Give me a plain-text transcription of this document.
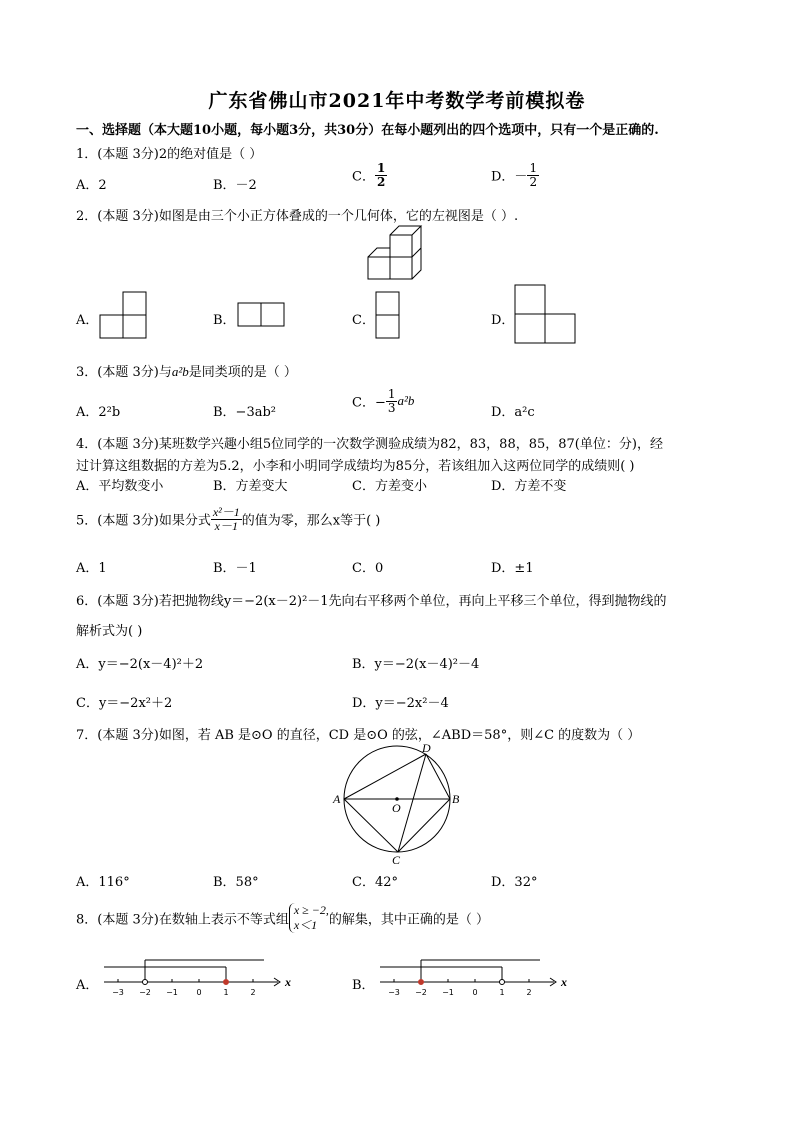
广东省佛山市2021年中考数学考前模拟卷
一、选择题（本大题10小题，每小题3分，共30分）在每小题列出的四个选项中，只有一个是正确的.
1．(本题 3分)2的绝对值是（ ）
A．2	B．－2
C． $\frac{1}{2}$	D．－ $\frac{1}{2}$
2．(本题 3分)如图是由三个小正方体叠成的一个几何体，它的左视图是（ ）.
A．	B．	C．	D．
3．(本题 3分)与a²b是同类项的是（ ）
A．2²b	B．−3ab²
C．− $\frac{1}{3} a^2b$
D．a²c
4．(本题 3分)某班数学兴趣小组5位同学的一次数学测验成绩为82，83，88，85，87(单位：分)，经
过计算这组数据的方差为5.2，小李和小明同学成绩均为85分，若该组加入这两位同学的成绩则( )
A．平均数变小	B．方差变大	C．方差变小	D．方差不变
5．(本题 3分)如果分式 $\frac{\text{x²－1}}{x-1}$ 的值为零，那么x等于( )
A．1	B．－1	C．0	D．±1
6．(本题 3分)若把抛物线y＝−2(x－2)²－1先向右平移两个单位，再向上平移三个单位，得到抛物线的
解析式为( )
A．y＝−2(x－4)²＋2	B．y＝−2(x－4)²－4
C．y＝−2x²＋2	D．y＝−2x²－4
7．(本题 3分)如图，若 AB 是⊙O 的直径，CD 是⊙O 的弦，∠ABD＝58°，则∠C 的度数为（ ）
A	B
C
D
O
A．116°	B．58°	C．42°	D．32°
8．(本题 3分)在数轴上表示不等式组
x ≥ −2,
x＜1 的解集，其中正确的是（ ）
A． −3 −2 −1 0	1	2
x	B． −3 −2 −1 0	1	2
x
